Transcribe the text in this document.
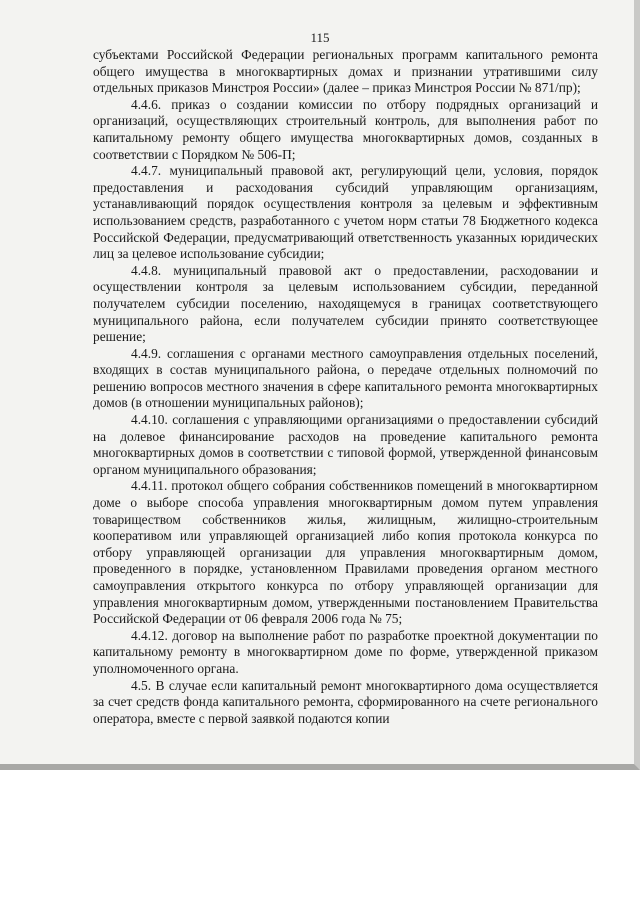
115

субъектами Российской Федерации региональных программ капитального ремонта общего имущества в многоквартирных домах и признании утратившими силу отдельных приказов Минстроя России» (далее – приказ Минстроя России № 871/пр);

4.4.6. приказ о создании комиссии по отбору подрядных организаций и организаций, осуществляющих строительный контроль, для выполнения работ по капитальному ремонту общего имущества многоквартирных домов, созданных в соответствии с Порядком № 506-П;

4.4.7. муниципальный правовой акт, регулирующий цели, условия, порядок предоставления и расходования субсидий управляющим организациям, устанавливающий порядок осуществления контроля за целевым и эффективным использованием средств, разработанного с учетом норм статьи 78 Бюджетного кодекса Российской Федерации, предусматривающий ответственность указанных юридических лиц за целевое использование субсидии;

4.4.8. муниципальный правовой акт о предоставлении, расходовании и осуществлении контроля за целевым использованием субсидии, переданной получателем субсидии поселению, находящемуся в границах соответствующего муниципального района, если получателем субсидии принято соответствующее решение;

4.4.9. соглашения с органами местного самоуправления отдельных поселений, входящих в состав муниципального района, о передаче отдельных полномочий по решению вопросов местного значения в сфере капитального ремонта многоквартирных домов (в отношении муниципальных районов);

4.4.10. соглашения с управляющими организациями о предоставлении субсидий на долевое финансирование расходов на проведение капитального ремонта многоквартирных домов в соответствии с типовой формой, утвержденной финансовым органом муниципального образования;

4.4.11. протокол общего собрания собственников помещений в многоквартирном доме о выборе способа управления многоквартирным домом путем управления товариществом собственников жилья, жилищным, жилищно-строительным кооперативом или управляющей организацией либо копия протокола конкурса по отбору управляющей организации для управления многоквартирным домом, проведенного в порядке, установленном Правилами проведения органом местного самоуправления открытого конкурса по отбору управляющей организации для управления многоквартирным домом, утвержденными постановлением Правительства Российской Федерации от 06 февраля 2006 года № 75;

4.4.12. договор на выполнение работ по разработке проектной документации по капитальному ремонту в многоквартирном доме по форме, утвержденной приказом уполномоченного органа.

4.5. В случае если капитальный ремонт многоквартирного дома осуществляется за счет средств фонда капитального ремонта, сформированного на счете регионального оператора, вместе с первой заявкой подаются копии
